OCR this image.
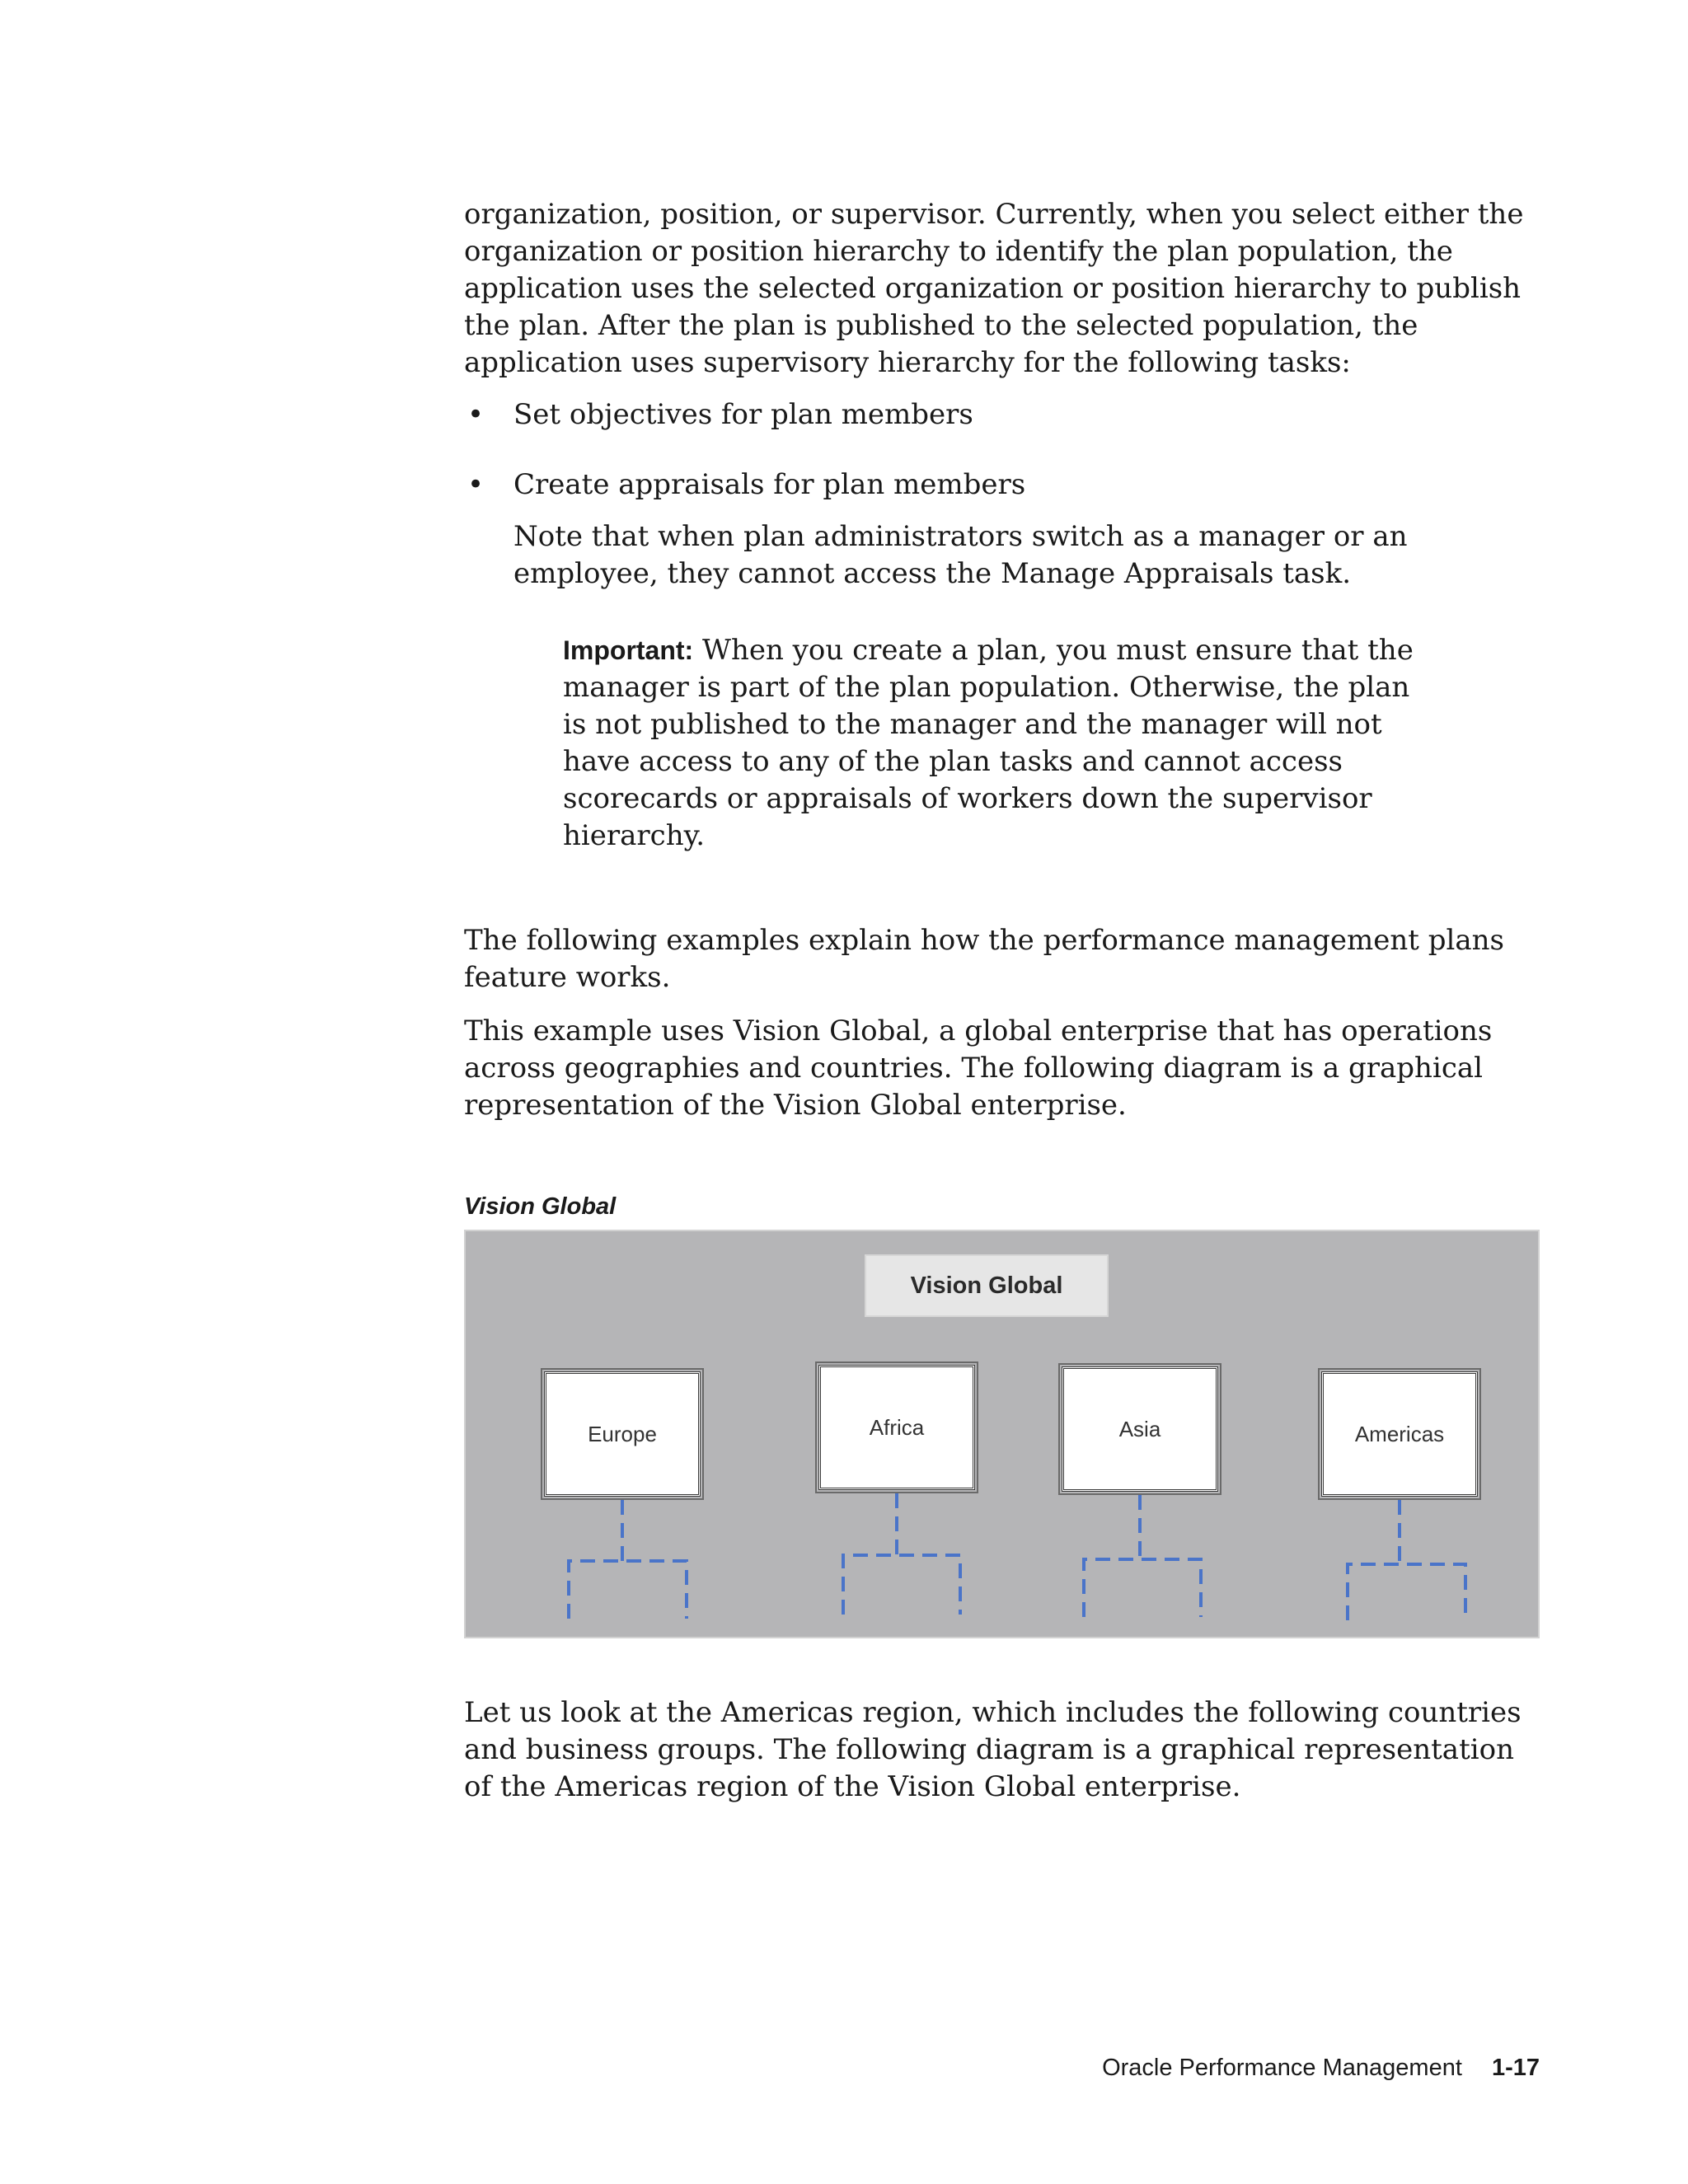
organization, position, or supervisor. Currently, when you select either the organization or position hierarchy to identify the plan population, the application uses the selected organization or position hierarchy to publish the plan. After the plan is published to the selected population, the application uses supervisory hierarchy for the following tasks:

• Set objectives for plan members
• Create appraisals for plan members

Note that when plan administrators switch as a manager or an employee, they cannot access the Manage Appraisals task.

Important: When you create a plan, you must ensure that the manager is part of the plan population. Otherwise, the plan is not published to the manager and the manager will not have access to any of the plan tasks and cannot access scorecards or appraisals of workers down the supervisor hierarchy.

The following examples explain how the performance management plans feature works.

This example uses Vision Global, a global enterprise that has operations across geographies and countries. The following diagram is a graphical representation of the Vision Global enterprise.

Vision Global

Vision Global
Europe	Africa	Asia	Americas

Let us look at the Americas region, which includes the following countries and business groups. The following diagram is a graphical representation of the Americas region of the Vision Global enterprise.

Oracle Performance Management 1-17
